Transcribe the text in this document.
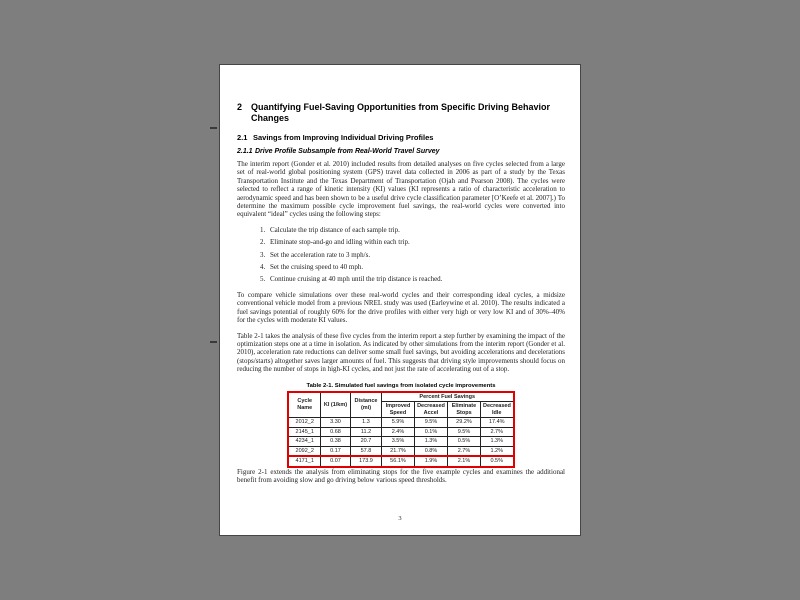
2 Quantifying Fuel-Saving Opportunities from Specific Driving Behavior Changes
2.1 Savings from Improving Individual Driving Profiles
2.1.1 Drive Profile Subsample from Real-World Travel Survey

The interim report (Gonder et al. 2010) included results from detailed analyses on five cycles selected from a large set of real-world global positioning system (GPS) travel data collected in 2006 as part of a study by the Texas Transportation Institute and the Texas Department of Transportation (Ojah and Pearson 2008). The cycles were selected to reflect a range of kinetic intensity (KI) values (KI represents a ratio of characteristic acceleration to aerodynamic speed and has been shown to be a useful drive cycle classification parameter [O’Keefe et al. 2007].) To determine the maximum possible cycle improvement fuel savings, the real-world cycles were converted into equivalent “ideal” cycles using the following steps:

1. Calculate the trip distance of each sample trip.
2. Eliminate stop-and-go and idling within each trip.
3. Set the acceleration rate to 3 mph/s.
4. Set the cruising speed to 40 mph.
5. Continue cruising at 40 mph until the trip distance is reached.

To compare vehicle simulations over these real-world cycles and their corresponding ideal cycles, a midsize conventional vehicle model from a previous NREL study was used (Earleywine et al. 2010). The results indicated a fuel savings potential of roughly 60% for the drive profiles with either very high or very low KI and of 30%–40% for the cycles with moderate KI values.

Table 2-1 takes the analysis of these five cycles from the interim report a step further by examining the impact of the optimization steps one at a time in isolation. As indicated by other simulations from the interim report (Gonder et al. 2010), acceleration rate reductions can deliver some small fuel savings, but avoiding accelerations and decelerations (stops/starts) altogether saves larger amounts of fuel. This suggests that driving style improvements should focus on reducing the number of stops in high-KI cycles, and not just the rate of accelerating out of a stop.

Table 2-1. Simulated fuel savings from isolated cycle improvements
Cycle Name	KI (1/km)	Distance (mi)	Percent Fuel Savings			
			Improved Speed	Decreased Accel	Eliminate Stops	Decreased Idle
2012_2	3.30	1.3	5.9%	9.5%	29.2%	17.4%
2145_1	0.68	11.2	2.4%	0.1%	9.5%	2.7%
4234_1	0.38	20.7	3.5%	1.3%	0.5%	1.3%
2092_2	0.17	57.8	21.7%	0.8%	2.7%	1.2%
4171_1	0.07	173.9	56.1%	1.9%	2.1%	0.5%

Figure 2-1 extends the analysis from eliminating stops for the five example cycles and examines the additional benefit from avoiding slow and go driving below various speed thresholds.

3
